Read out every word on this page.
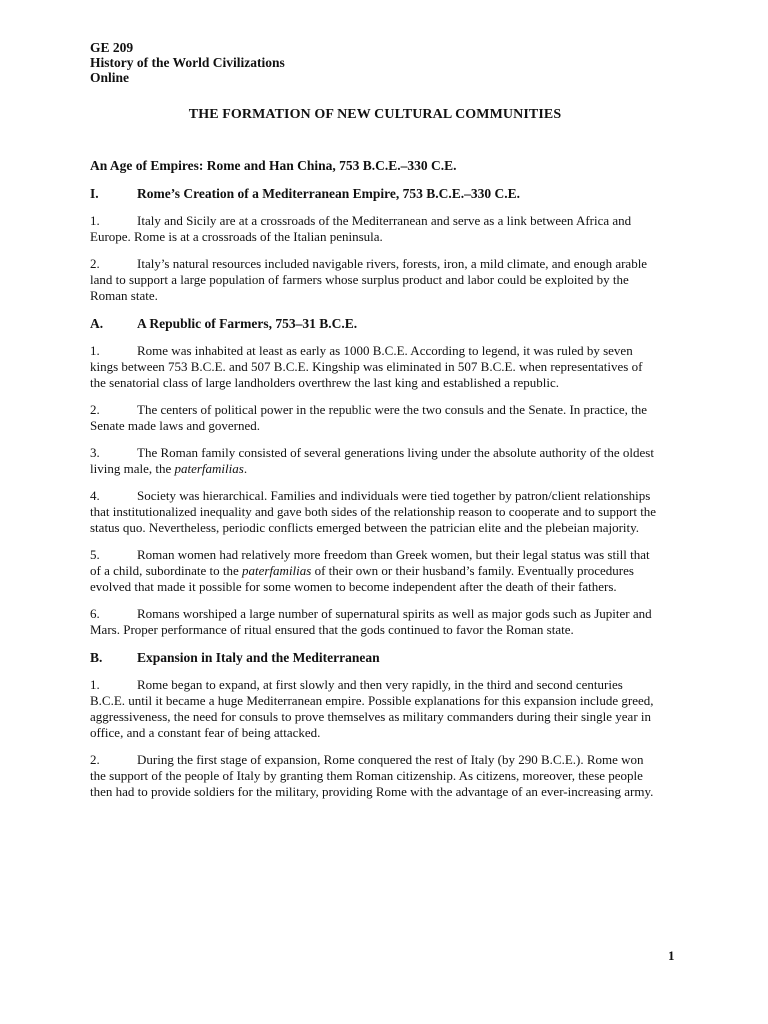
GE 209
History of the World Civilizations
Online
THE FORMATION OF NEW CULTURAL COMMUNITIES

An Age of Empires: Rome and Han China, 753 B.C.E.–330 C.E.

I.	Rome’s Creation of a Mediterranean Empire, 753 B.C.E.–330 C.E.

1.	Italy and Sicily are at a crossroads of the Mediterranean and serve as a link between Africa and Europe. Rome is at a crossroads of the Italian peninsula.

2.	Italy’s natural resources included navigable rivers, forests, iron, a mild climate, and enough arable land to support a large population of farmers whose surplus product and labor could be exploited by the Roman state.

A.	A Republic of Farmers, 753–31 B.C.E.

1.	Rome was inhabited at least as early as 1000 B.C.E. According to legend, it was ruled by seven kings between 753 B.C.E. and 507 B.C.E. Kingship was eliminated in 507 B.C.E. when representatives of the senatorial class of large landholders overthrew the last king and established a republic.

2.	The centers of political power in the republic were the two consuls and the Senate. In practice, the Senate made laws and governed.

3.	The Roman family consisted of several generations living under the absolute authority of the oldest living male, the paterfamilias.

4.	Society was hierarchical. Families and individuals were tied together by patron/client relationships that institutionalized inequality and gave both sides of the relationship reason to cooperate and to support the status quo. Nevertheless, periodic conflicts emerged between the patrician elite and the plebeian majority.

5.	Roman women had relatively more freedom than Greek women, but their legal status was still that of a child, subordinate to the paterfamilias of their own or their husband’s family. Eventually procedures evolved that made it possible for some women to become independent after the death of their fathers.

6.	Romans worshiped a large number of supernatural spirits as well as major gods such as Jupiter and Mars. Proper performance of ritual ensured that the gods continued to favor the Roman state.

B.	Expansion in Italy and the Mediterranean

1.	Rome began to expand, at first slowly and then very rapidly, in the third and second centuries B.C.E. until it became a huge Mediterranean empire. Possible explanations for this expansion include greed, aggressiveness, the need for consuls to prove themselves as military commanders during their single year in office, and a constant fear of being attacked.

2.	During the first stage of expansion, Rome conquered the rest of Italy (by 290 B.C.E.). Rome won the support of the people of Italy by granting them Roman citizenship. As citizens, moreover, these people then had to provide soldiers for the military, providing Rome with the advantage of an ever-increasing army.

1
